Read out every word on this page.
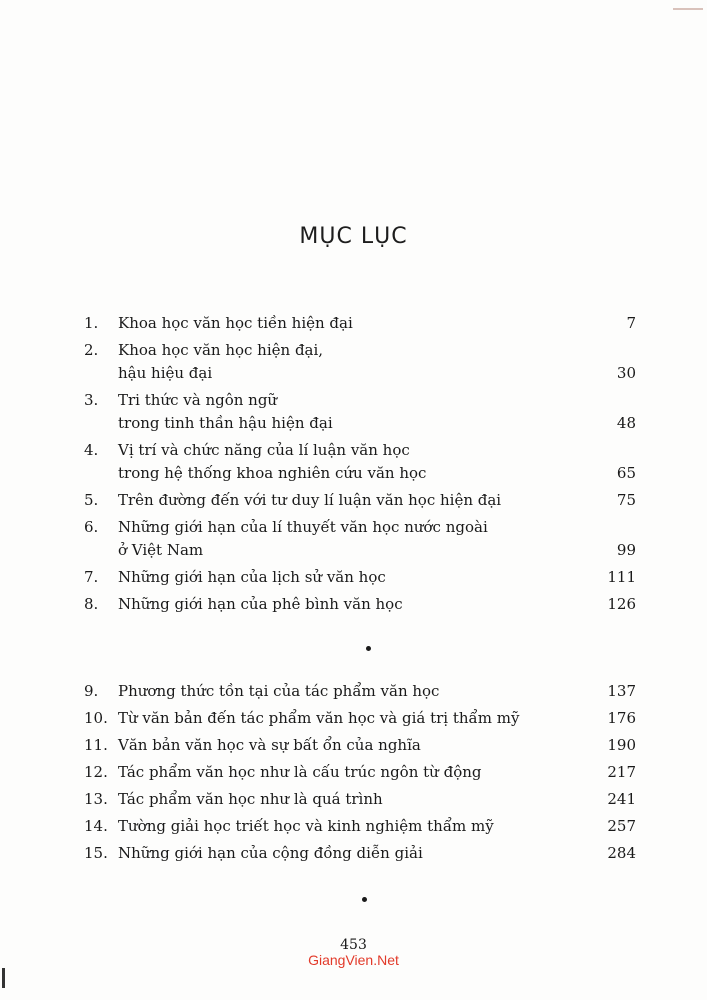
MỤC LỤC
1.	Khoa học văn học tiền hiện đại	7
2.	Khoa học văn học hiện đại,
hậu hiệu đại	30
3.	Tri thức và ngôn ngữ
trong tinh thần hậu hiện đại	48
4.	Vị trí và chức năng của lí luận văn học
trong hệ thống khoa nghiên cứu văn học	65
5.	Trên đường đến với tư duy lí luận văn học hiện đại	75
6.	Những giới hạn của lí thuyết văn học nước ngoài
ở Việt Nam	99
7.	Những giới hạn của lịch sử văn học	111
8.	Những giới hạn của phê bình văn học	126
9.	Phương thức tồn tại của tác phẩm văn học	137
10. Từ văn bản đến tác phẩm văn học và giá trị thẩm mỹ	176
11. Văn bản văn học và sự bất ổn của nghĩa	190
12. Tác phẩm văn học như là cấu trúc ngôn từ động	217
13. Tác phẩm văn học như là quá trình	241
14. Tường giải học triết học và kinh nghiệm thẩm mỹ	257
15. Những giới hạn của cộng đồng diễn giải	284
453
GiangVien.Net
